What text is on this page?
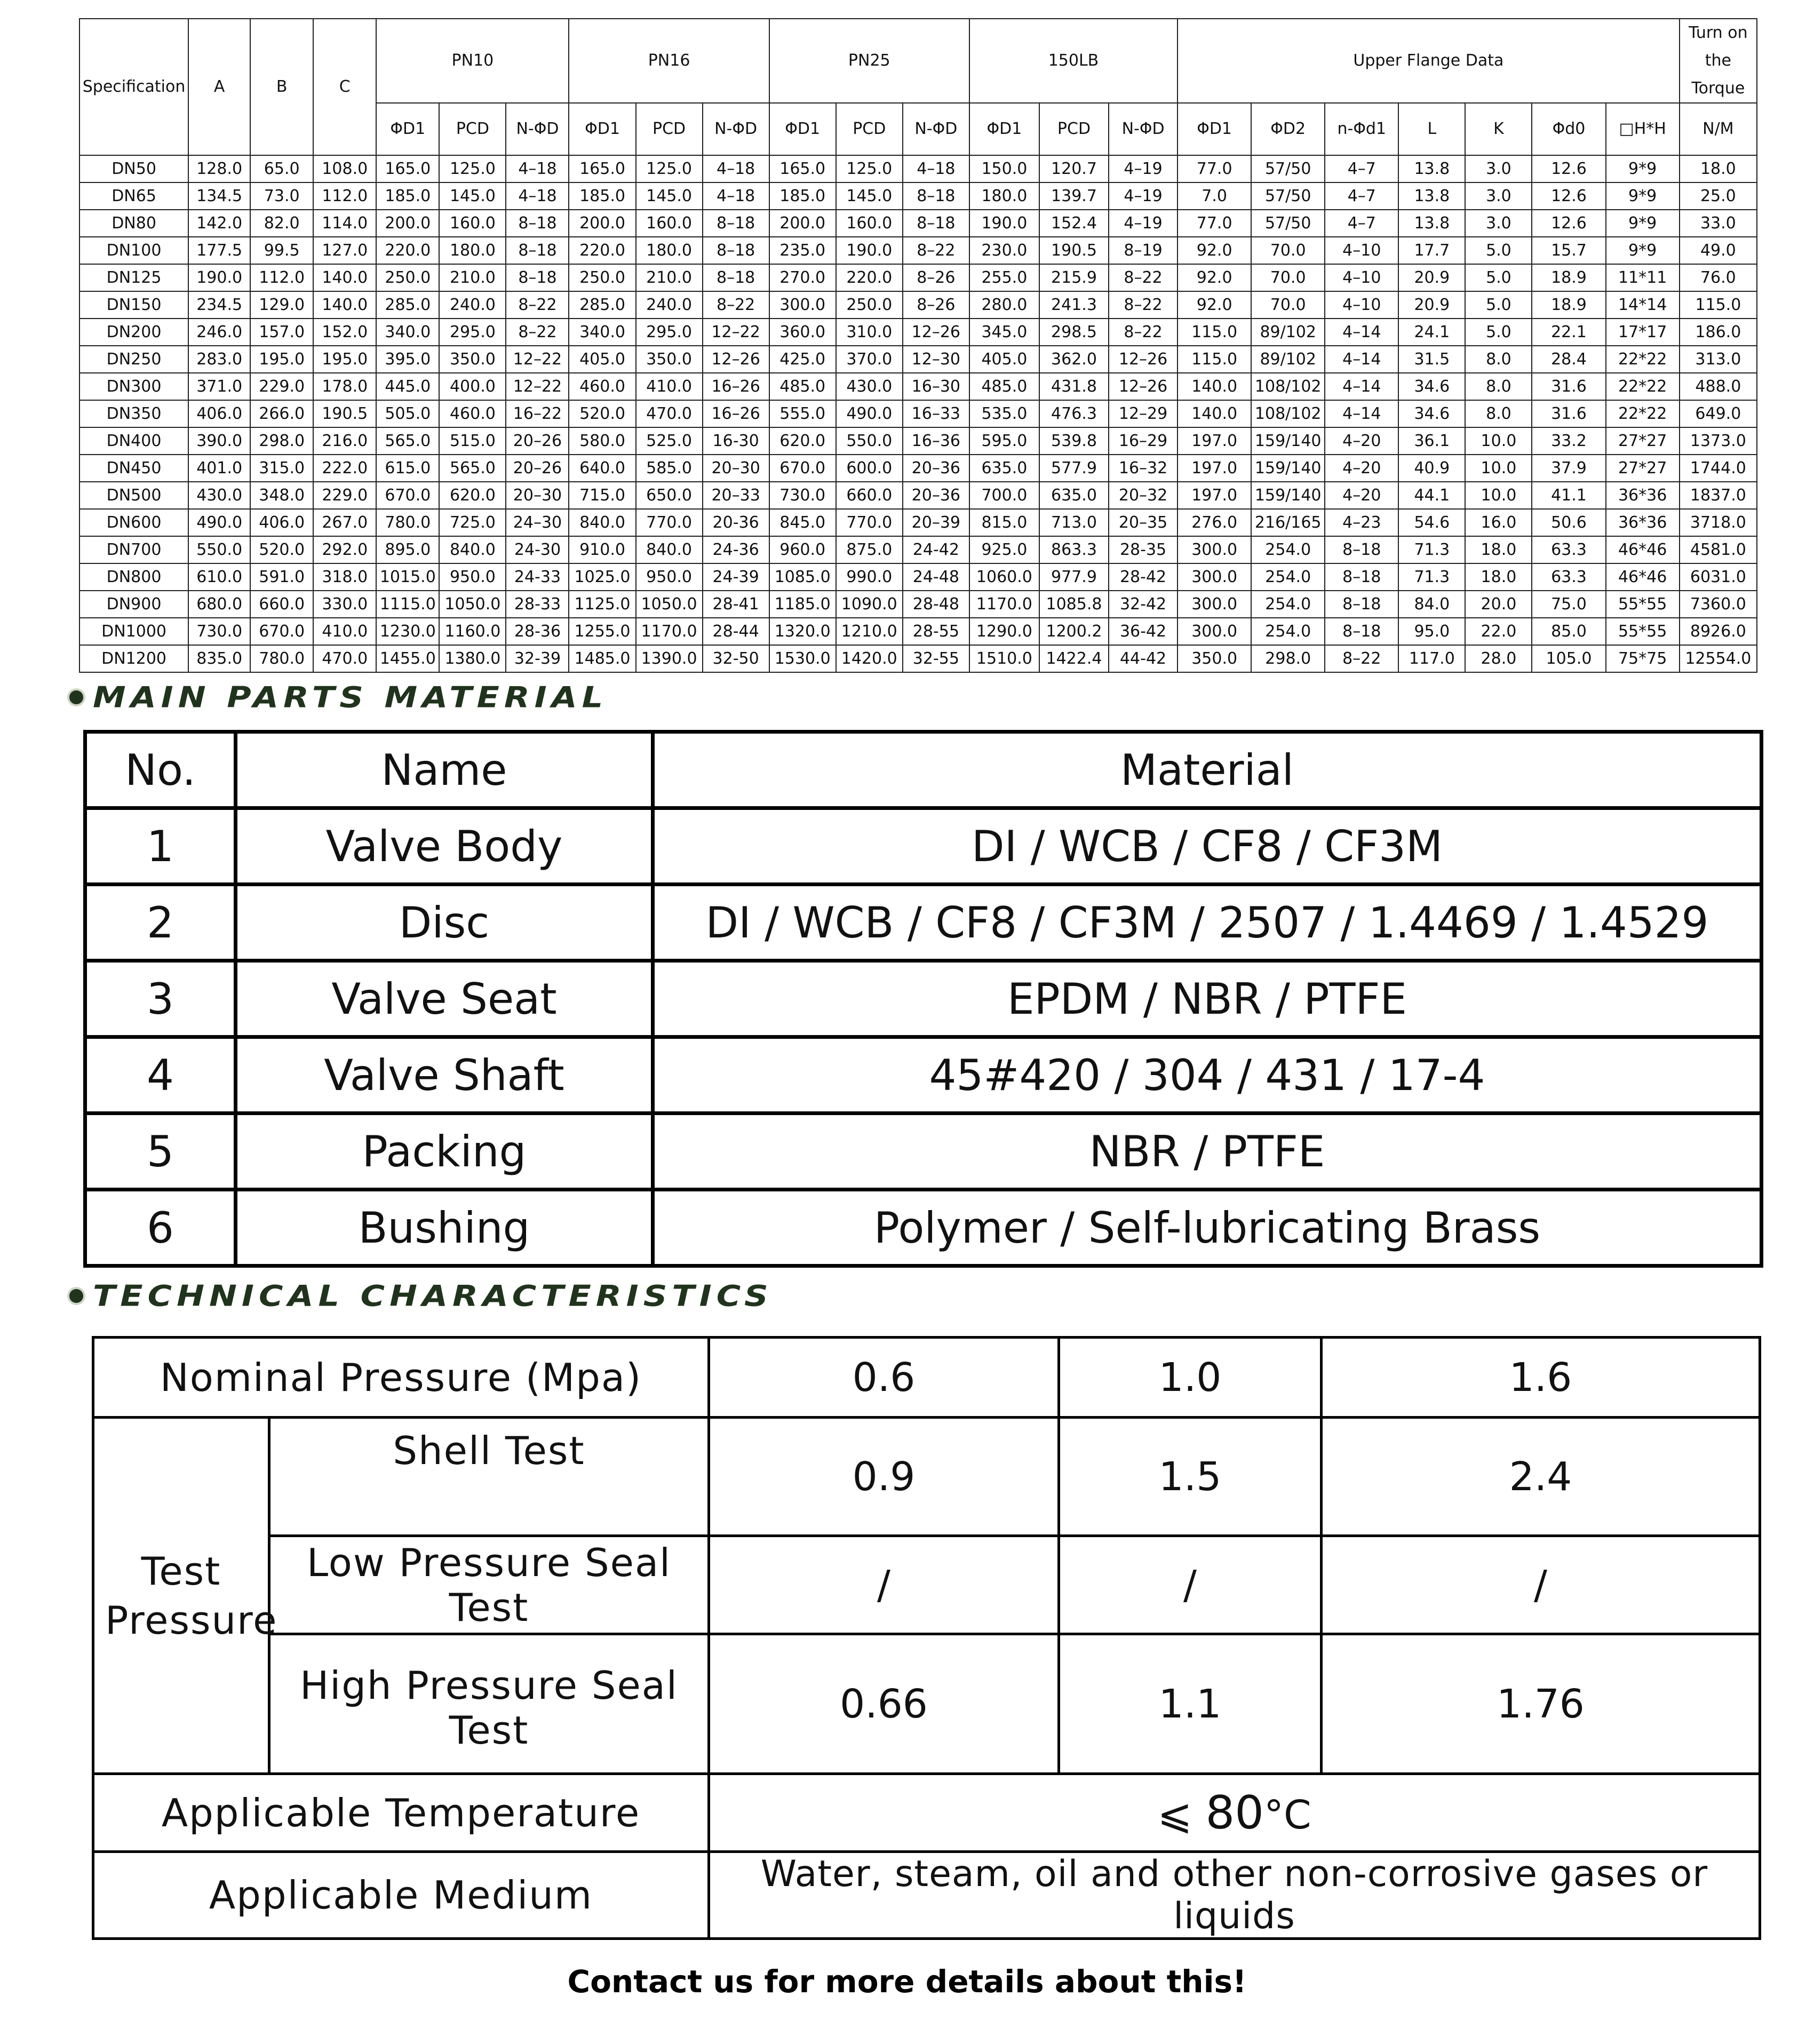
Specification	A	B	C	PN10			PN16			PN25			150LB			Upper Flange Data							Turn on the Torque
				ΦD1	PCD	N-ΦD	ΦD1	PCD	N-ΦD	ΦD1	PCD	N-ΦD	ΦD1	PCD	N-ΦD	ΦD1	ΦD2	n-Φd1	L	K	Φd0	□H*H	N/M
DN50	128.0	65.0	108.0	165.0	125.0	4–18	165.0	125.0	4–18	165.0	125.0	4–18	150.0	120.7	4–19	77.0	57/50	4–7	13.8	3.0	12.6	9*9	18.0
DN65	134.5	73.0	112.0	185.0	145.0	4–18	185.0	145.0	4–18	185.0	145.0	8–18	180.0	139.7	4–19	7.0	57/50	4–7	13.8	3.0	12.6	9*9	25.0
DN80	142.0	82.0	114.0	200.0	160.0	8–18	200.0	160.0	8–18	200.0	160.0	8–18	190.0	152.4	4–19	77.0	57/50	4–7	13.8	3.0	12.6	9*9	33.0
DN100	177.5	99.5	127.0	220.0	180.0	8–18	220.0	180.0	8–18	235.0	190.0	8–22	230.0	190.5	8–19	92.0	70.0	4–10	17.7	5.0	15.7	9*9	49.0
DN125	190.0	112.0	140.0	250.0	210.0	8–18	250.0	210.0	8–18	270.0	220.0	8–26	255.0	215.9	8–22	92.0	70.0	4–10	20.9	5.0	18.9	11*11	76.0
DN150	234.5	129.0	140.0	285.0	240.0	8–22	285.0	240.0	8–22	300.0	250.0	8–26	280.0	241.3	8–22	92.0	70.0	4–10	20.9	5.0	18.9	14*14	115.0
DN200	246.0	157.0	152.0	340.0	295.0	8–22	340.0	295.0	12–22	360.0	310.0	12–26	345.0	298.5	8–22	115.0	89/102	4–14	24.1	5.0	22.1	17*17	186.0
DN250	283.0	195.0	195.0	395.0	350.0	12–22	405.0	350.0	12–26	425.0	370.0	12–30	405.0	362.0	12–26	115.0	89/102	4–14	31.5	8.0	28.4	22*22	313.0
DN300	371.0	229.0	178.0	445.0	400.0	12–22	460.0	410.0	16–26	485.0	430.0	16–30	485.0	431.8	12–26	140.0	108/102	4–14	34.6	8.0	31.6	22*22	488.0
DN350	406.0	266.0	190.5	505.0	460.0	16–22	520.0	470.0	16–26	555.0	490.0	16–33	535.0	476.3	12–29	140.0	108/102	4–14	34.6	8.0	31.6	22*22	649.0
DN400	390.0	298.0	216.0	565.0	515.0	20–26	580.0	525.0	16-30	620.0	550.0	16–36	595.0	539.8	16–29	197.0	159/140	4–20	36.1	10.0	33.2	27*27	1373.0
DN450	401.0	315.0	222.0	615.0	565.0	20–26	640.0	585.0	20–30	670.0	600.0	20–36	635.0	577.9	16–32	197.0	159/140	4–20	40.9	10.0	37.9	27*27	1744.0
DN500	430.0	348.0	229.0	670.0	620.0	20–30	715.0	650.0	20–33	730.0	660.0	20–36	700.0	635.0	20–32	197.0	159/140	4–20	44.1	10.0	41.1	36*36	1837.0
DN600	490.0	406.0	267.0	780.0	725.0	24–30	840.0	770.0	20-36	845.0	770.0	20–39	815.0	713.0	20–35	276.0	216/165	4–23	54.6	16.0	50.6	36*36	3718.0
DN700	550.0	520.0	292.0	895.0	840.0	24-30	910.0	840.0	24-36	960.0	875.0	24-42	925.0	863.3	28-35	300.0	254.0	8–18	71.3	18.0	63.3	46*46	4581.0
DN800	610.0	591.0	318.0	1015.0	950.0	24-33	1025.0	950.0	24-39	1085.0	990.0	24-48	1060.0	977.9	28-42	300.0	254.0	8–18	71.3	18.0	63.3	46*46	6031.0
DN900	680.0	660.0	330.0	1115.0	1050.0	28-33	1125.0	1050.0	28-41	1185.0	1090.0	28-48	1170.0	1085.8	32-42	300.0	254.0	8–18	84.0	20.0	75.0	55*55	7360.0
DN1000	730.0	670.0	410.0	1230.0	1160.0	28-36	1255.0	1170.0	28-44	1320.0	1210.0	28-55	1290.0	1200.2	36-42	300.0	254.0	8–18	95.0	22.0	85.0	55*55	8926.0
DN1200	835.0	780.0	470.0	1455.0	1380.0	32-39	1485.0	1390.0	32-50	1530.0	1420.0	32-55	1510.0	1422.4	44-42	350.0	298.0	8–22	117.0	28.0	105.0	75*75	12554.0
MAIN PARTS MATERIAL
No.	Name	Material
1	Valve Body	DI / WCB / CF8 / CF3M
2	Disc	DI / WCB / CF8 / CF3M / 2507 / 1.4469 / 1.4529
3	Valve Seat	EPDM / NBR / PTFE
4	Valve Shaft	45#420 / 304 / 431 / 17-4
5	Packing	NBR / PTFE
6	Bushing	Polymer / Self-lubricating Brass
TECHNICAL CHARACTERISTICS
Nominal Pressure (Mpa)		0.6	1.0	1.6
Test Pressure	Shell Test	0.9	1.5	2.4
	Low Pressure Seal Test	/	/	/
	High Pressure Seal Test	0.66	1.1	1.76
Applicable Temperature		⩽ 80°C		
Applicable Medium		Water, steam, oil and other non-corrosive gases or liquids		
Contact us for more details about this!
